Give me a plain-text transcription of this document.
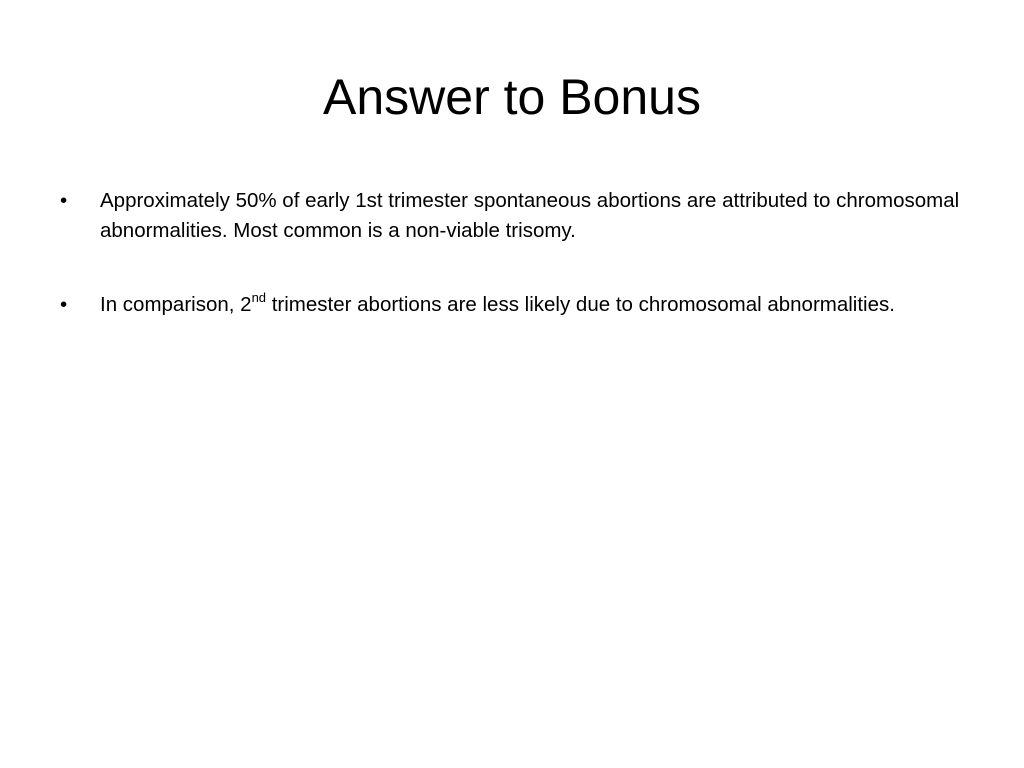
Answer to Bonus
•	Approximately 50% of early 1st trimester spontaneous abortions are attributed to chromosomal abnormalities. Most common is a non-viable trisomy.
•	In comparison, 2nd trimester abortions are less likely due to chromosomal abnormalities.
